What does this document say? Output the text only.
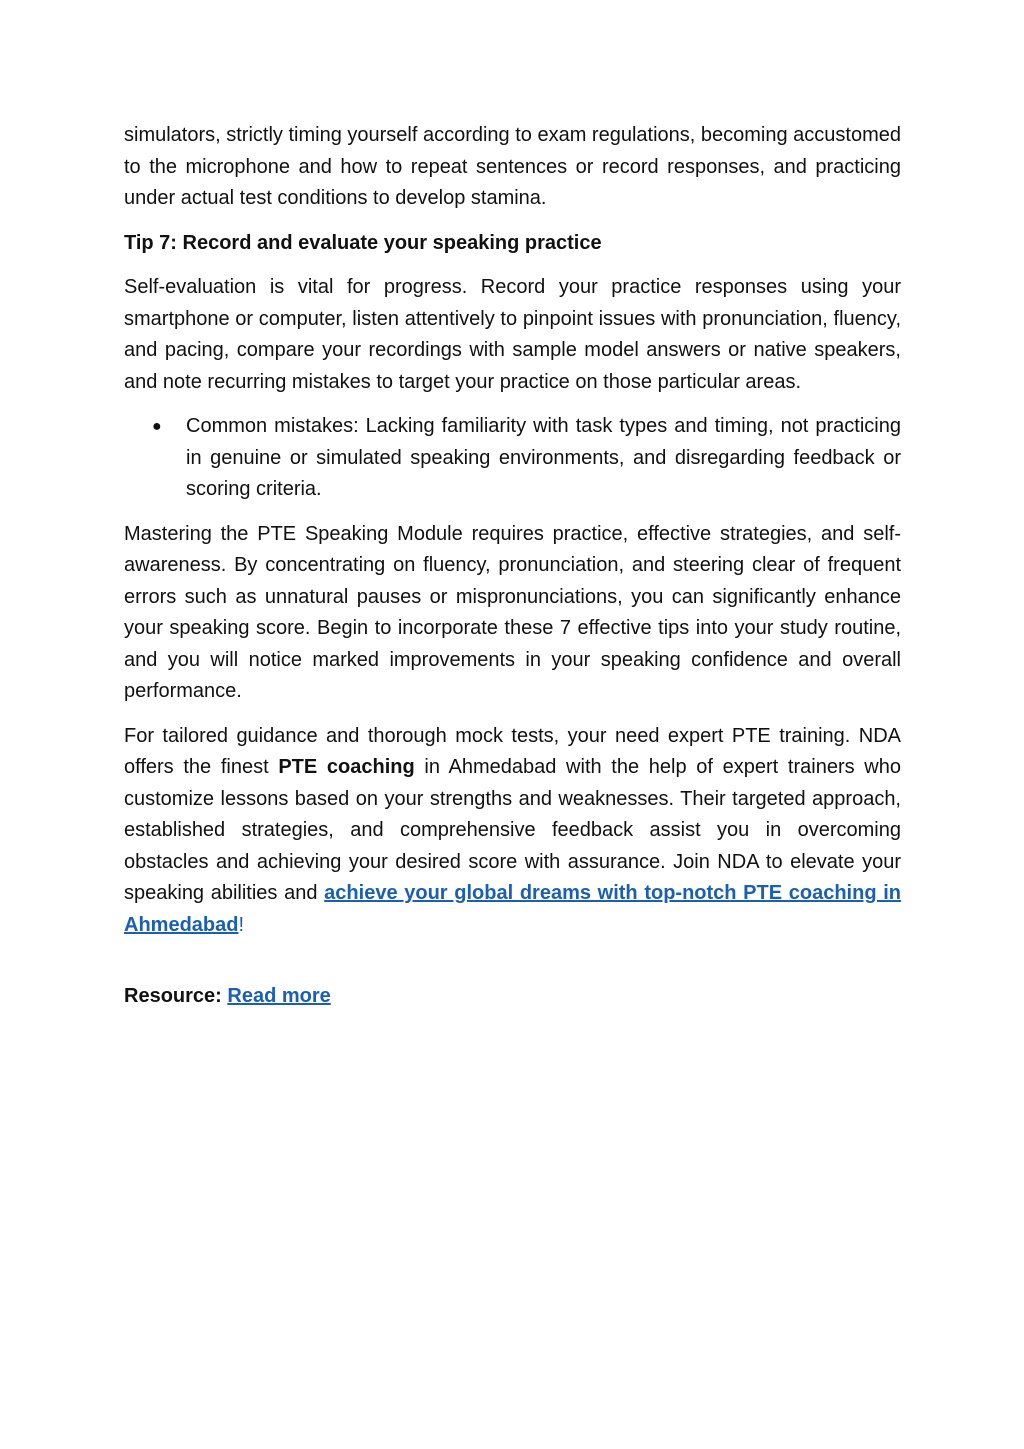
simulators, strictly timing yourself according to exam regulations, becoming accustomed to the microphone and how to repeat sentences or record responses, and practicing under actual test conditions to develop stamina.

Tip 7: Record and evaluate your speaking practice

Self-evaluation is vital for progress. Record your practice responses using your smartphone or computer, listen attentively to pinpoint issues with pronunciation, fluency, and pacing, compare your recordings with sample model answers or native speakers, and note recurring mistakes to target your practice on those particular areas.

● Common mistakes: Lacking familiarity with task types and timing, not practicing in genuine or simulated speaking environments, and disregarding feedback or scoring criteria.

Mastering the PTE Speaking Module requires practice, effective strategies, and self-awareness. By concentrating on fluency, pronunciation, and steering clear of frequent errors such as unnatural pauses or mispronunciations, you can significantly enhance your speaking score. Begin to incorporate these 7 effective tips into your study routine, and you will notice marked improvements in your speaking confidence and overall performance.

For tailored guidance and thorough mock tests, your need expert PTE training. NDA offers the finest PTE coaching in Ahmedabad with the help of expert trainers who customize lessons based on your strengths and weaknesses. Their targeted approach, established strategies, and comprehensive feedback assist you in overcoming obstacles and achieving your desired score with assurance. Join NDA to elevate your speaking abilities and achieve your global dreams with top-notch PTE coaching in Ahmedabad!

Resource: Read more
